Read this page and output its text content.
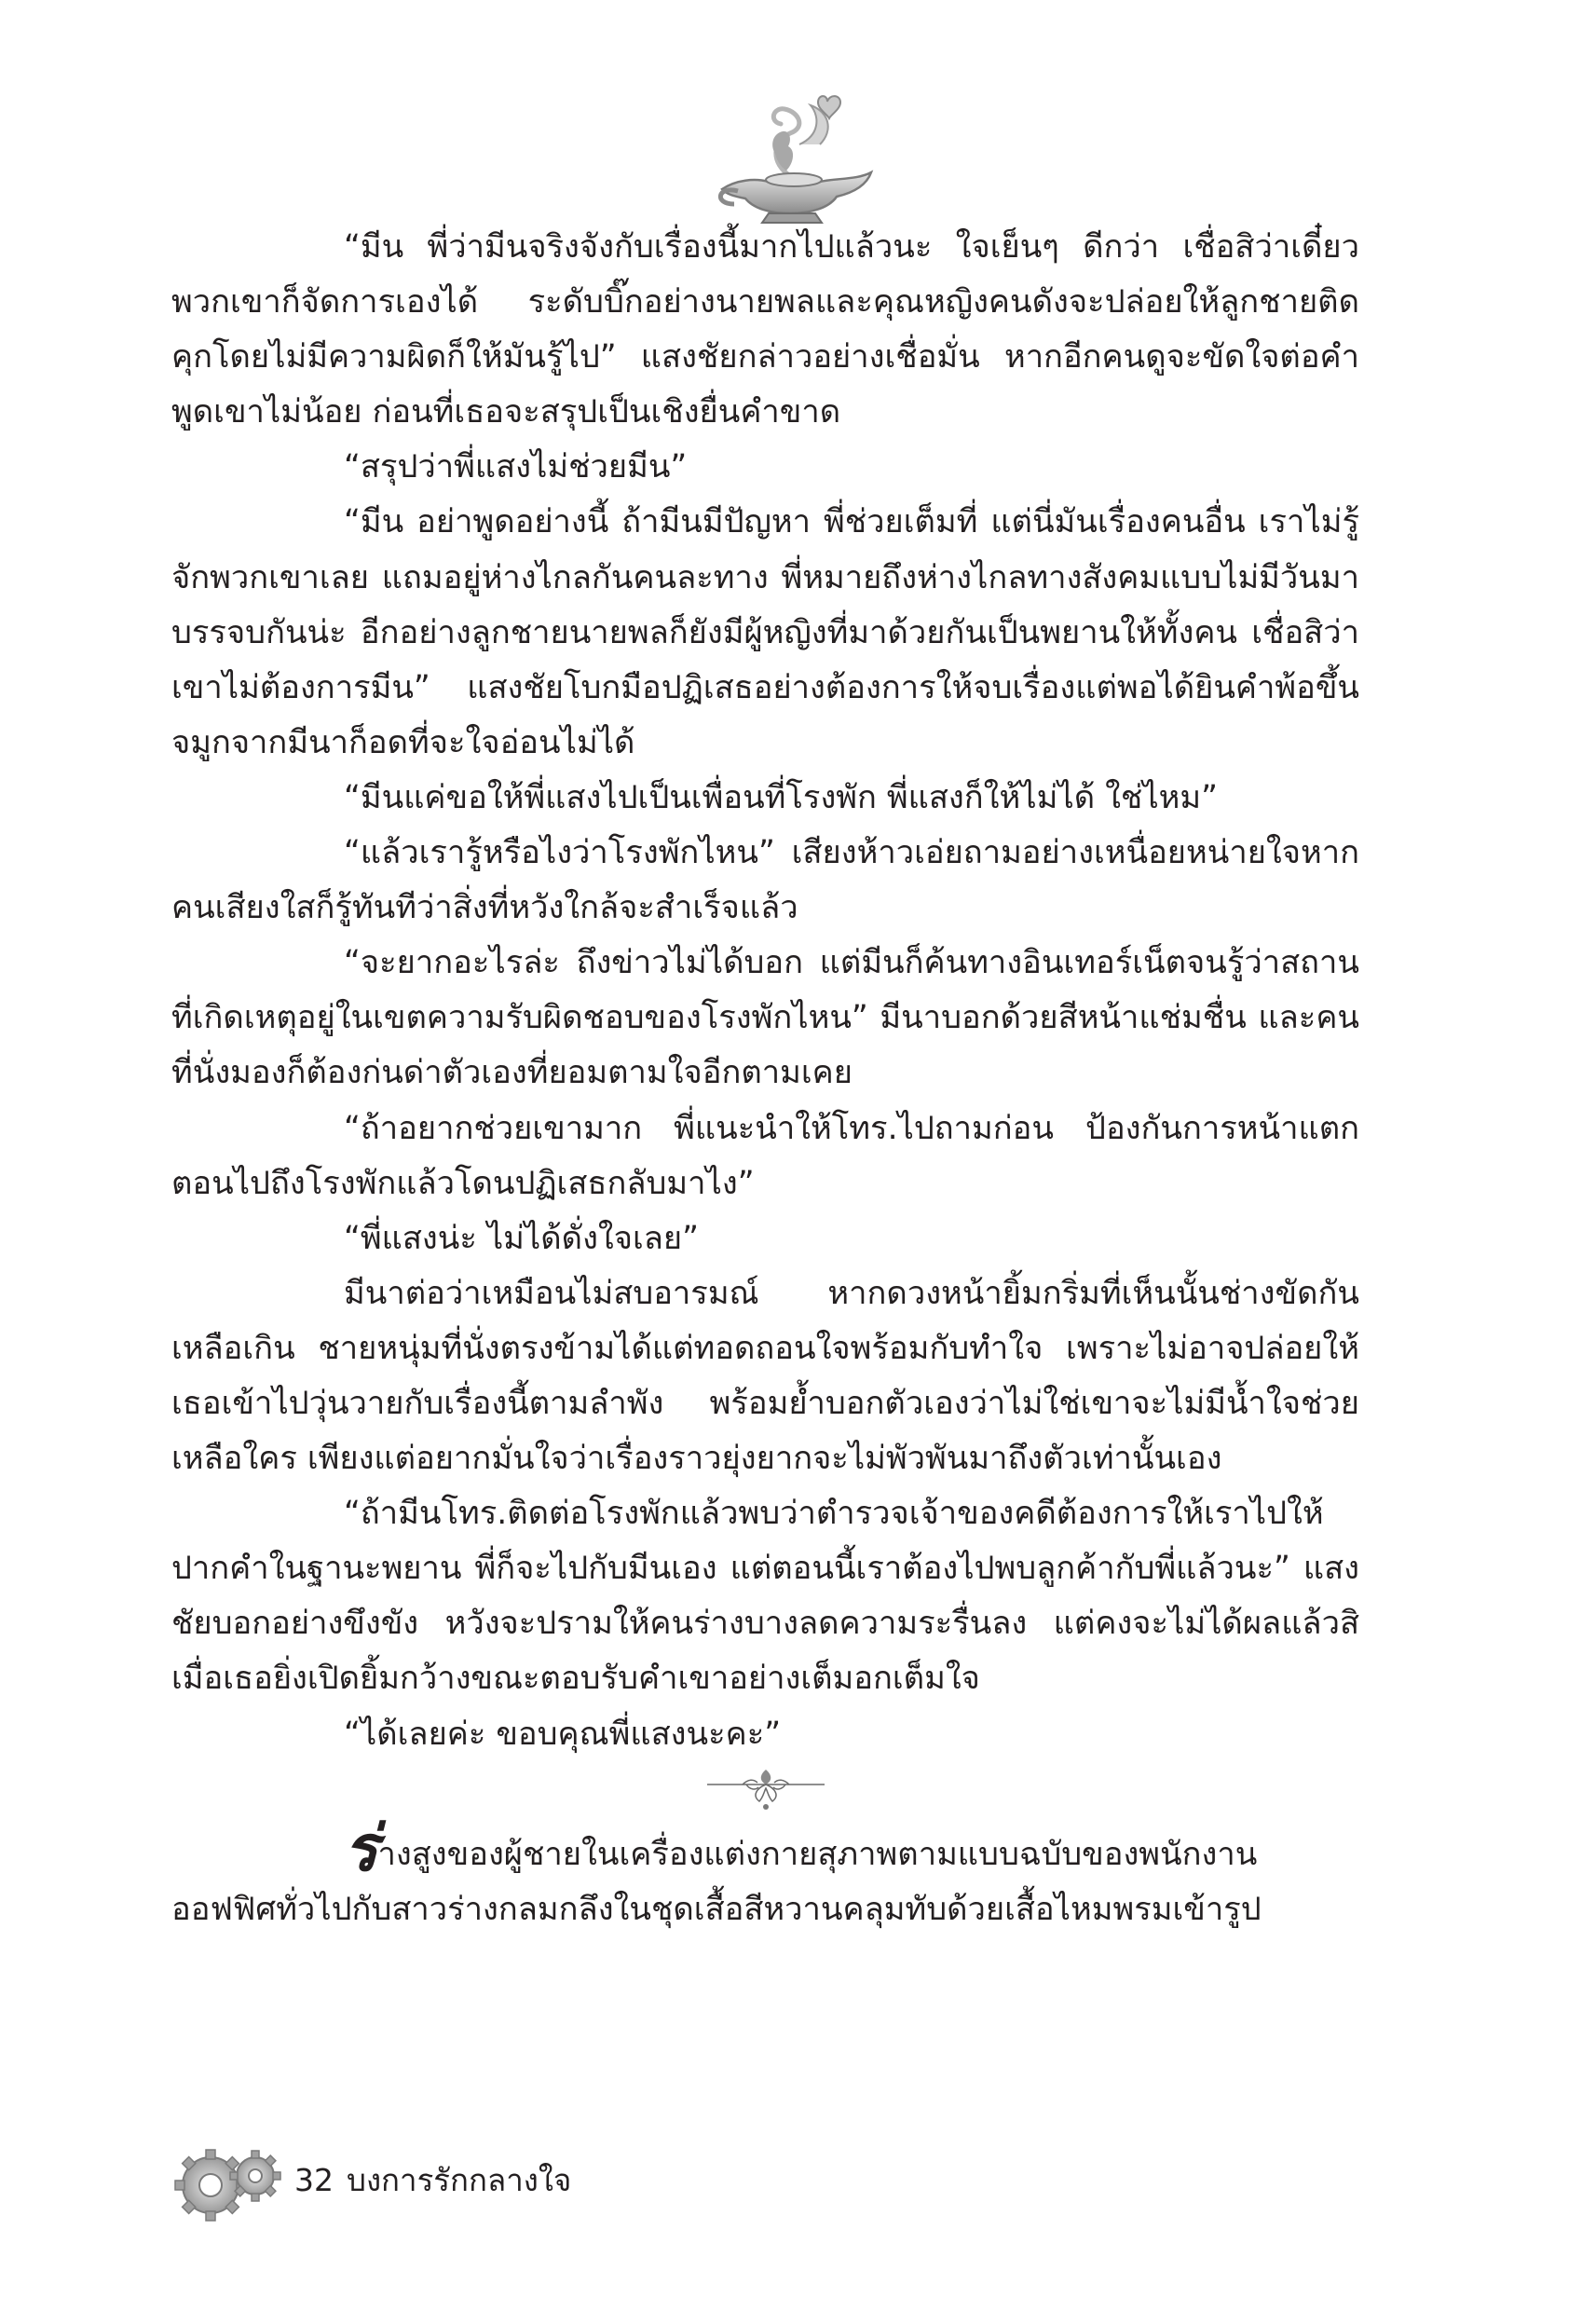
“มีน พี่ว่ามีนจริงจังกับเรื่องนี้มากไปแล้วนะ ใจเย็นๆ ดีกว่า เชื่อสิว่าเดี๋ยวพวกเขาก็จัดการเองได้ ระดับบิ๊กอย่างนายพลและคุณหญิงคนดังจะปล่อยให้ลูกชายติดคุกโดยไม่มีความผิดก็ให้มันรู้ไป” แสงชัยกล่าวอย่างเชื่อมั่น หากอีกคนดูจะขัดใจต่อคำพูดเขาไม่น้อย ก่อนที่เธอจะสรุปเป็นเชิงยื่นคำขาด

“สรุปว่าพี่แสงไม่ช่วยมีน”

“มีน อย่าพูดอย่างนี้ ถ้ามีนมีปัญหา พี่ช่วยเต็มที่ แต่นี่มันเรื่องคนอื่น เราไม่รู้จักพวกเขาเลย แถมอยู่ห่างไกลกันคนละทาง พี่หมายถึงห่างไกลทางสังคมแบบไม่มีวันมาบรรจบกันน่ะ อีกอย่างลูกชายนายพลก็ยังมีผู้หญิงที่มาด้วยกันเป็นพยานให้ทั้งคน เชื่อสิว่าเขาไม่ต้องการมีน” แสงชัยโบกมือปฏิเสธอย่างต้องการให้จบเรื่องแต่พอได้ยินคำพ้อขึ้นจมูกจากมีนาก็อดที่จะใจอ่อนไม่ได้

“มีนแค่ขอให้พี่แสงไปเป็นเพื่อนที่โรงพัก พี่แสงก็ให้ไม่ได้ ใช่ไหม”

“แล้วเรารู้หรือไงว่าโรงพักไหน” เสียงห้าวเอ่ยถามอย่างเหนื่อยหน่ายใจหากคนเสียงใสก็รู้ทันทีว่าสิ่งที่หวังใกล้จะสำเร็จแล้ว

“จะยากอะไรล่ะ ถึงข่าวไม่ได้บอก แต่มีนก็ค้นทางอินเทอร์เน็ตจนรู้ว่าสถานที่เกิดเหตุอยู่ในเขตความรับผิดชอบของโรงพักไหน” มีนาบอกด้วยสีหน้าแช่มชื่น และคนที่นั่งมองก็ต้องก่นด่าตัวเองที่ยอมตามใจอีกตามเคย

“ถ้าอยากช่วยเขามาก พี่แนะนำให้โทร.ไปถามก่อน ป้องกันการหน้าแตกตอนไปถึงโรงพักแล้วโดนปฏิเสธกลับมาไง”

“พี่แสงน่ะ ไม่ได้ดั่งใจเลย”

มีนาต่อว่าเหมือนไม่สบอารมณ์ หากดวงหน้ายิ้มกริ่มที่เห็นนั้นช่างขัดกันเหลือเกิน ชายหนุ่มที่นั่งตรงข้ามได้แต่ทอดถอนใจพร้อมกับทำใจ เพราะไม่อาจปล่อยให้เธอเข้าไปวุ่นวายกับเรื่องนี้ตามลำพัง พร้อมย้ำบอกตัวเองว่าไม่ใช่เขาจะไม่มีน้ำใจช่วยเหลือใคร เพียงแต่อยากมั่นใจว่าเรื่องราวยุ่งยากจะไม่พัวพันมาถึงตัวเท่านั้นเอง

“ถ้ามีนโทร.ติดต่อโรงพักแล้วพบว่าตำรวจเจ้าของคดีต้องการให้เราไปให้ปากคำในฐานะพยาน พี่ก็จะไปกับมีนเอง แต่ตอนนี้เราต้องไปพบลูกค้ากับพี่แล้วนะ” แสงชัยบอกอย่างขึงขัง หวังจะปรามให้คนร่างบางลดความระรื่นลง แต่คงจะไม่ได้ผลแล้วสิ เมื่อเธอยิ่งเปิดยิ้มกว้างขณะตอบรับคำเขาอย่างเต็มอกเต็มใจ

“ได้เลยค่ะ ขอบคุณพี่แสงนะคะ”

ร่างสูงของผู้ชายในเครื่องแต่งกายสุภาพตามแบบฉบับของพนักงานออฟฟิศทั่วไปกับสาวร่างกลมกลึงในชุดเสื้อสีหวานคลุมทับด้วยเสื้อไหมพรมเข้ารูป

32 บงการรักกลางใจ
